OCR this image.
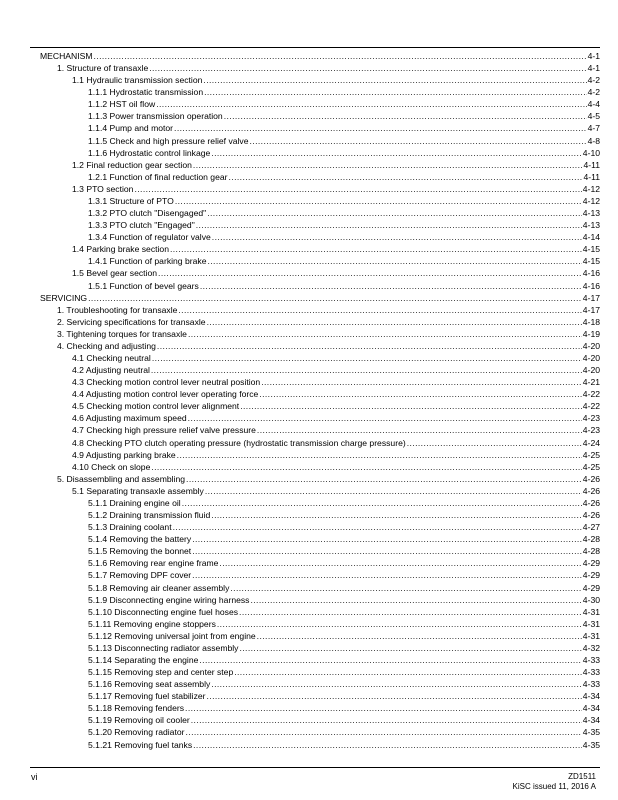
MECHANISM .....	4-1
1. Structure of transaxle .....	4-1
1.1 Hydraulic transmission section .....	4-2
1.1.1 Hydrostatic transmission .....	4-2
1.1.2 HST oil flow .....	4-4
1.1.3 Power transmission operation .....	4-5
1.1.4 Pump and motor .....	4-7
1.1.5 Check and high pressure relief valve .....	4-8
1.1.6 Hydrostatic control linkage .....	4-10
1.2 Final reduction gear section .....	4-11
1.2.1 Function of final reduction gear .....	4-11
1.3 PTO section .....	4-12
1.3.1 Structure of PTO .....	4-12
1.3.2 PTO clutch "Disengaged" .....	4-13
1.3.3 PTO clutch "Engaged" .....	4-13
1.3.4 Function of regulator valve .....	4-14
1.4 Parking brake section .....	4-15
1.4.1 Function of parking brake .....	4-15
1.5 Bevel gear section .....	4-16
1.5.1 Function of bevel gears .....	4-16
SERVICING .....	4-17
1. Troubleshooting for transaxle .....	4-17
2. Servicing specifications for transaxle .....	4-18
3. Tightening torques for transaxle .....	4-19
4. Checking and adjusting .....	4-20
4.1 Checking neutral .....	4-20
4.2 Adjusting neutral .....	4-20
4.3 Checking motion control lever neutral position .....	4-21
4.4 Adjusting motion control lever operating force .....	4-22
4.5 Checking motion control lever alignment .....	4-22
4.6 Adjusting maximum speed .....	4-23
4.7 Checking high pressure relief valve pressure .....	4-23
4.8 Checking PTO clutch operating pressure (hydrostatic transmission charge pressure) .....	4-24
4.9 Adjusting parking brake .....	4-25
4.10 Check on slope .....	4-25
5. Disassembling and assembling .....	4-26
5.1 Separating transaxle assembly .....	4-26
5.1.1 Draining engine oil .....	4-26
5.1.2 Draining transmission fluid .....	4-26
5.1.3 Draining coolant .....	4-27
5.1.4 Removing the battery .....	4-28
5.1.5 Removing the bonnet .....	4-28
5.1.6 Removing rear engine frame .....	4-29
5.1.7 Removing DPF cover .....	4-29
5.1.8 Removing air cleaner assembly .....	4-29
5.1.9 Disconnecting engine wiring harness .....	4-30
5.1.10 Disconnecting engine fuel hoses .....	4-31
5.1.11 Removing engine stoppers .....	4-31
5.1.12 Removing universal joint from engine .....	4-31
5.1.13 Disconnecting radiator assembly .....	4-32
5.1.14 Separating the engine .....	4-33
5.1.15 Removing step and center step .....	4-33
5.1.16 Removing seat assembly .....	4-33
5.1.17 Removing fuel stabilizer .....	4-34
5.1.18 Removing fenders .....	4-34
5.1.19 Removing oil cooler .....	4-34
5.1.20 Removing radiator .....	4-35
5.1.21 Removing fuel tanks .....	4-35
vi	ZD1511
KiSC issued 11, 2016 A
